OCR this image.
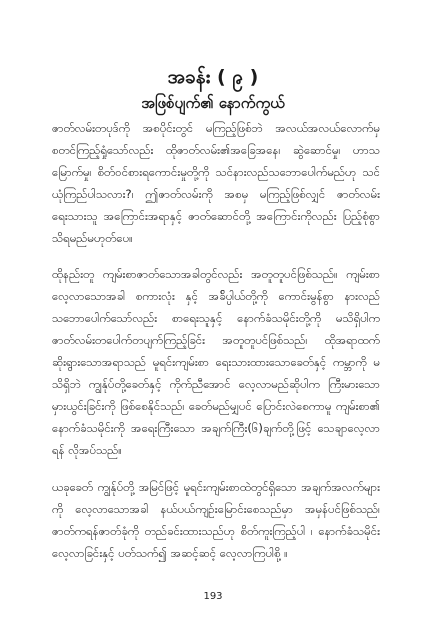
အခန်း ( ၉ )
အဖြစ်ပျက်၏ နောက်ကွယ်

ဇာတ်လမ်းတပုဒ်ကို အစပိုင်းတွင် မကြည့်ဖြစ်ဘဲ အလယ်အလယ်လောက်မှ စတင်ကြည့်ရှုံသော်လည်း ထိုဇာတ်လမ်း၏အခြေအနေ၊ ဆွဲဆောင်မှု၊ ဟာသမြောက်မှု၊ စိတ်ဝင်စားရကောင်းမှုတို့ကို သင်နားလည်သဘောပေါက်မည်ဟု သင်ယုံကြည်ပါသလား?၊ ဤဇာတ်လမ်းကို အစမှ မကြည့်ဖြစ်လျှင် ဇာတ်လမ်းရေးသားသူ အကြောင်းအရာနှင့် ဇာတ်ဆောင်တို့ အကြောင်းကိုလည်း ပြည့်စုံစွာ သိရမည်မဟုတ်ပေ။

ထိုနည်းတူ ကျမ်းစာဇာတ်သောအခါတွင်လည်း အတူတူပင်ဖြစ်သည်။ ကျမ်းစာလေ့လာသောအခါ စကားလုံး နှင့် အခ်ိပ္ပါယ်တို့ကို ကောင်းမွန်စွာ နားလည်သဘောပေါက်သော်လည်း စာရေးသူနှင့် နောက်ခံသမိုင်းတို့ကို မသိရှိပါက ဇာတ်လမ်းတပေါက်တပျက်ကြည့်ခြင်း အတူတူပင်ဖြစ်သည်၊ ထိုအရာထက် ဆိုးရွားသောအရာသည် မူရင်းကျမ်းစာ ရေးသားထားသောခေတ်နှင့် ကမ္ဘာကို မသိရှိဘဲ ကျွန်ုပ်တို့ခေတ်နှင့် ကိုက်ညီအောင် လေ့လာမည်ဆိုပါက ကြီးမားသော မှားယွင်းခြင်းကို ဖြစ်စေနိုင်သည်၊ ခေတ်မည်မျှပင် ပြောင်းလဲစေကာမူ ကျမ်းစာ၏ နောက်ခံသမိုင်းကို အရေးကြီးသော အချက်ကြီး(၆)ချက်တို့ဖြင့် သေချာလေ့လာရန် လိုအပ်သည်။

ယခုခေတ် ကျွန်ုပ်တို့ အမြင်ဖြင့် မူရင်းကျမ်းစာထဲတွင်ရှိသော အချက်အလက်များကို လေ့လာသောအခါ နယ်ပယ်ကျဉ်းမြောင်းစေသည်မှာ အမှန်ပင်ဖြစ်သည်၊ ဇာတ်ကရန်ဇာတ်ခုံကို တည်ခင်းထားသည်ဟု စိတ်ကူးကြည့်ပါ ၊ နောက်ခံသမိုင်းလေ့လာခြင်းနှင့် ပတ်သက်၍ အဆင့်ဆင့် လေ့လာကြပါစို့ ။

193
